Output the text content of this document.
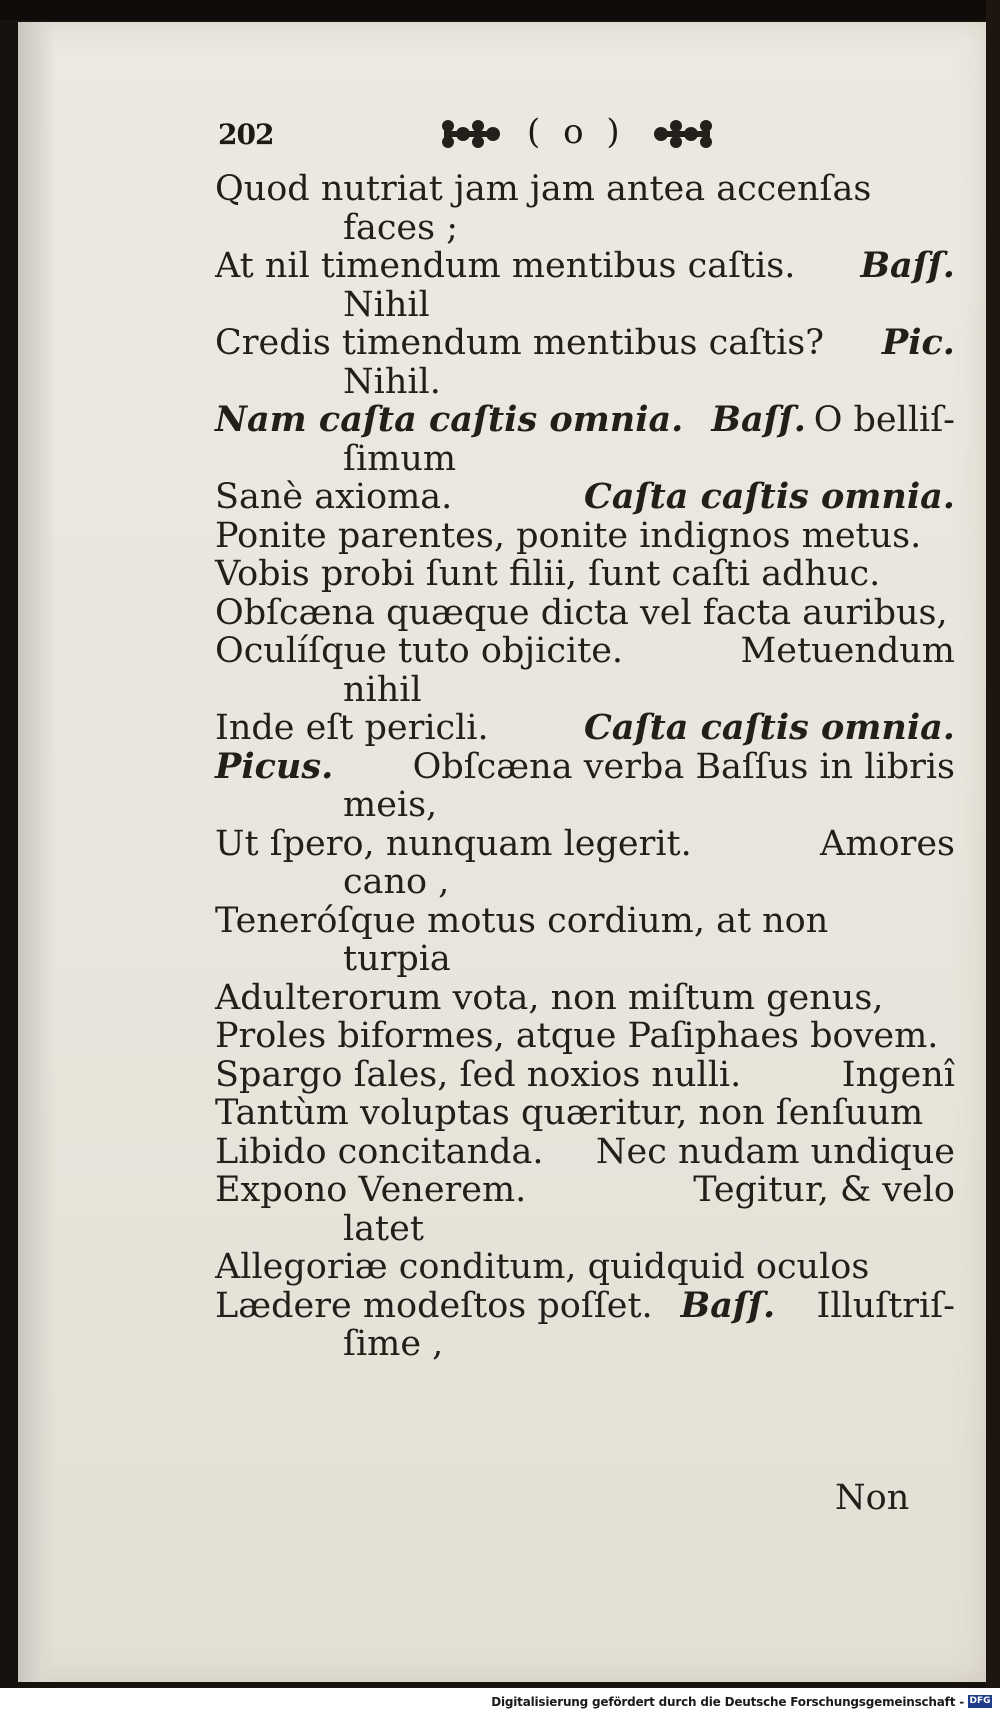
202	( o )
Quod nutriat jam jam antea accenſas
faces ;
At nil timendum mentibus caſtis. Baſſ.
Nihil
Credis timendum mentibus caſtis? Pic.
Nihil.
Nam caſta caſtis omnia. Baſſ. O belliſ-
ſimum
Sanè axioma.	Caſta caſtis omnia.
Ponite parentes, ponite indignos metus.
Vobis probi ſunt filii, ſunt caſti adhuc.
Obſcæna quæque dicta vel facta auribus,
Oculíſque tuto objicite.	Metuendum
nihil
Inde eſt pericli.	Caſta caſtis omnia.
Picus. Obſcæna verba Baſſus in libris
meis,
Ut ſpero, nunquam legerit.	Amores
cano ,
Teneróſque motus cordium, at non
turpia
Adulterorum vota, non miſtum genus,
Proles biformes, atque Paſiphaes bovem.
Spargo ſales, ſed noxios nulli.	Ingenî
Tantùm voluptas quæritur, non ſenſuum
Libido concitanda. Nec nudam undique
Expono Venerem.	Tegitur, & velo
latet
Allegoriæ conditum, quidquid oculos
Lædere modeſtos poſſet. Baſſ. Illuſtriſ-
ſime ,
Non
Digitalisierung gefördert durch die Deutsche Forschungsgemeinschaft - DFG
